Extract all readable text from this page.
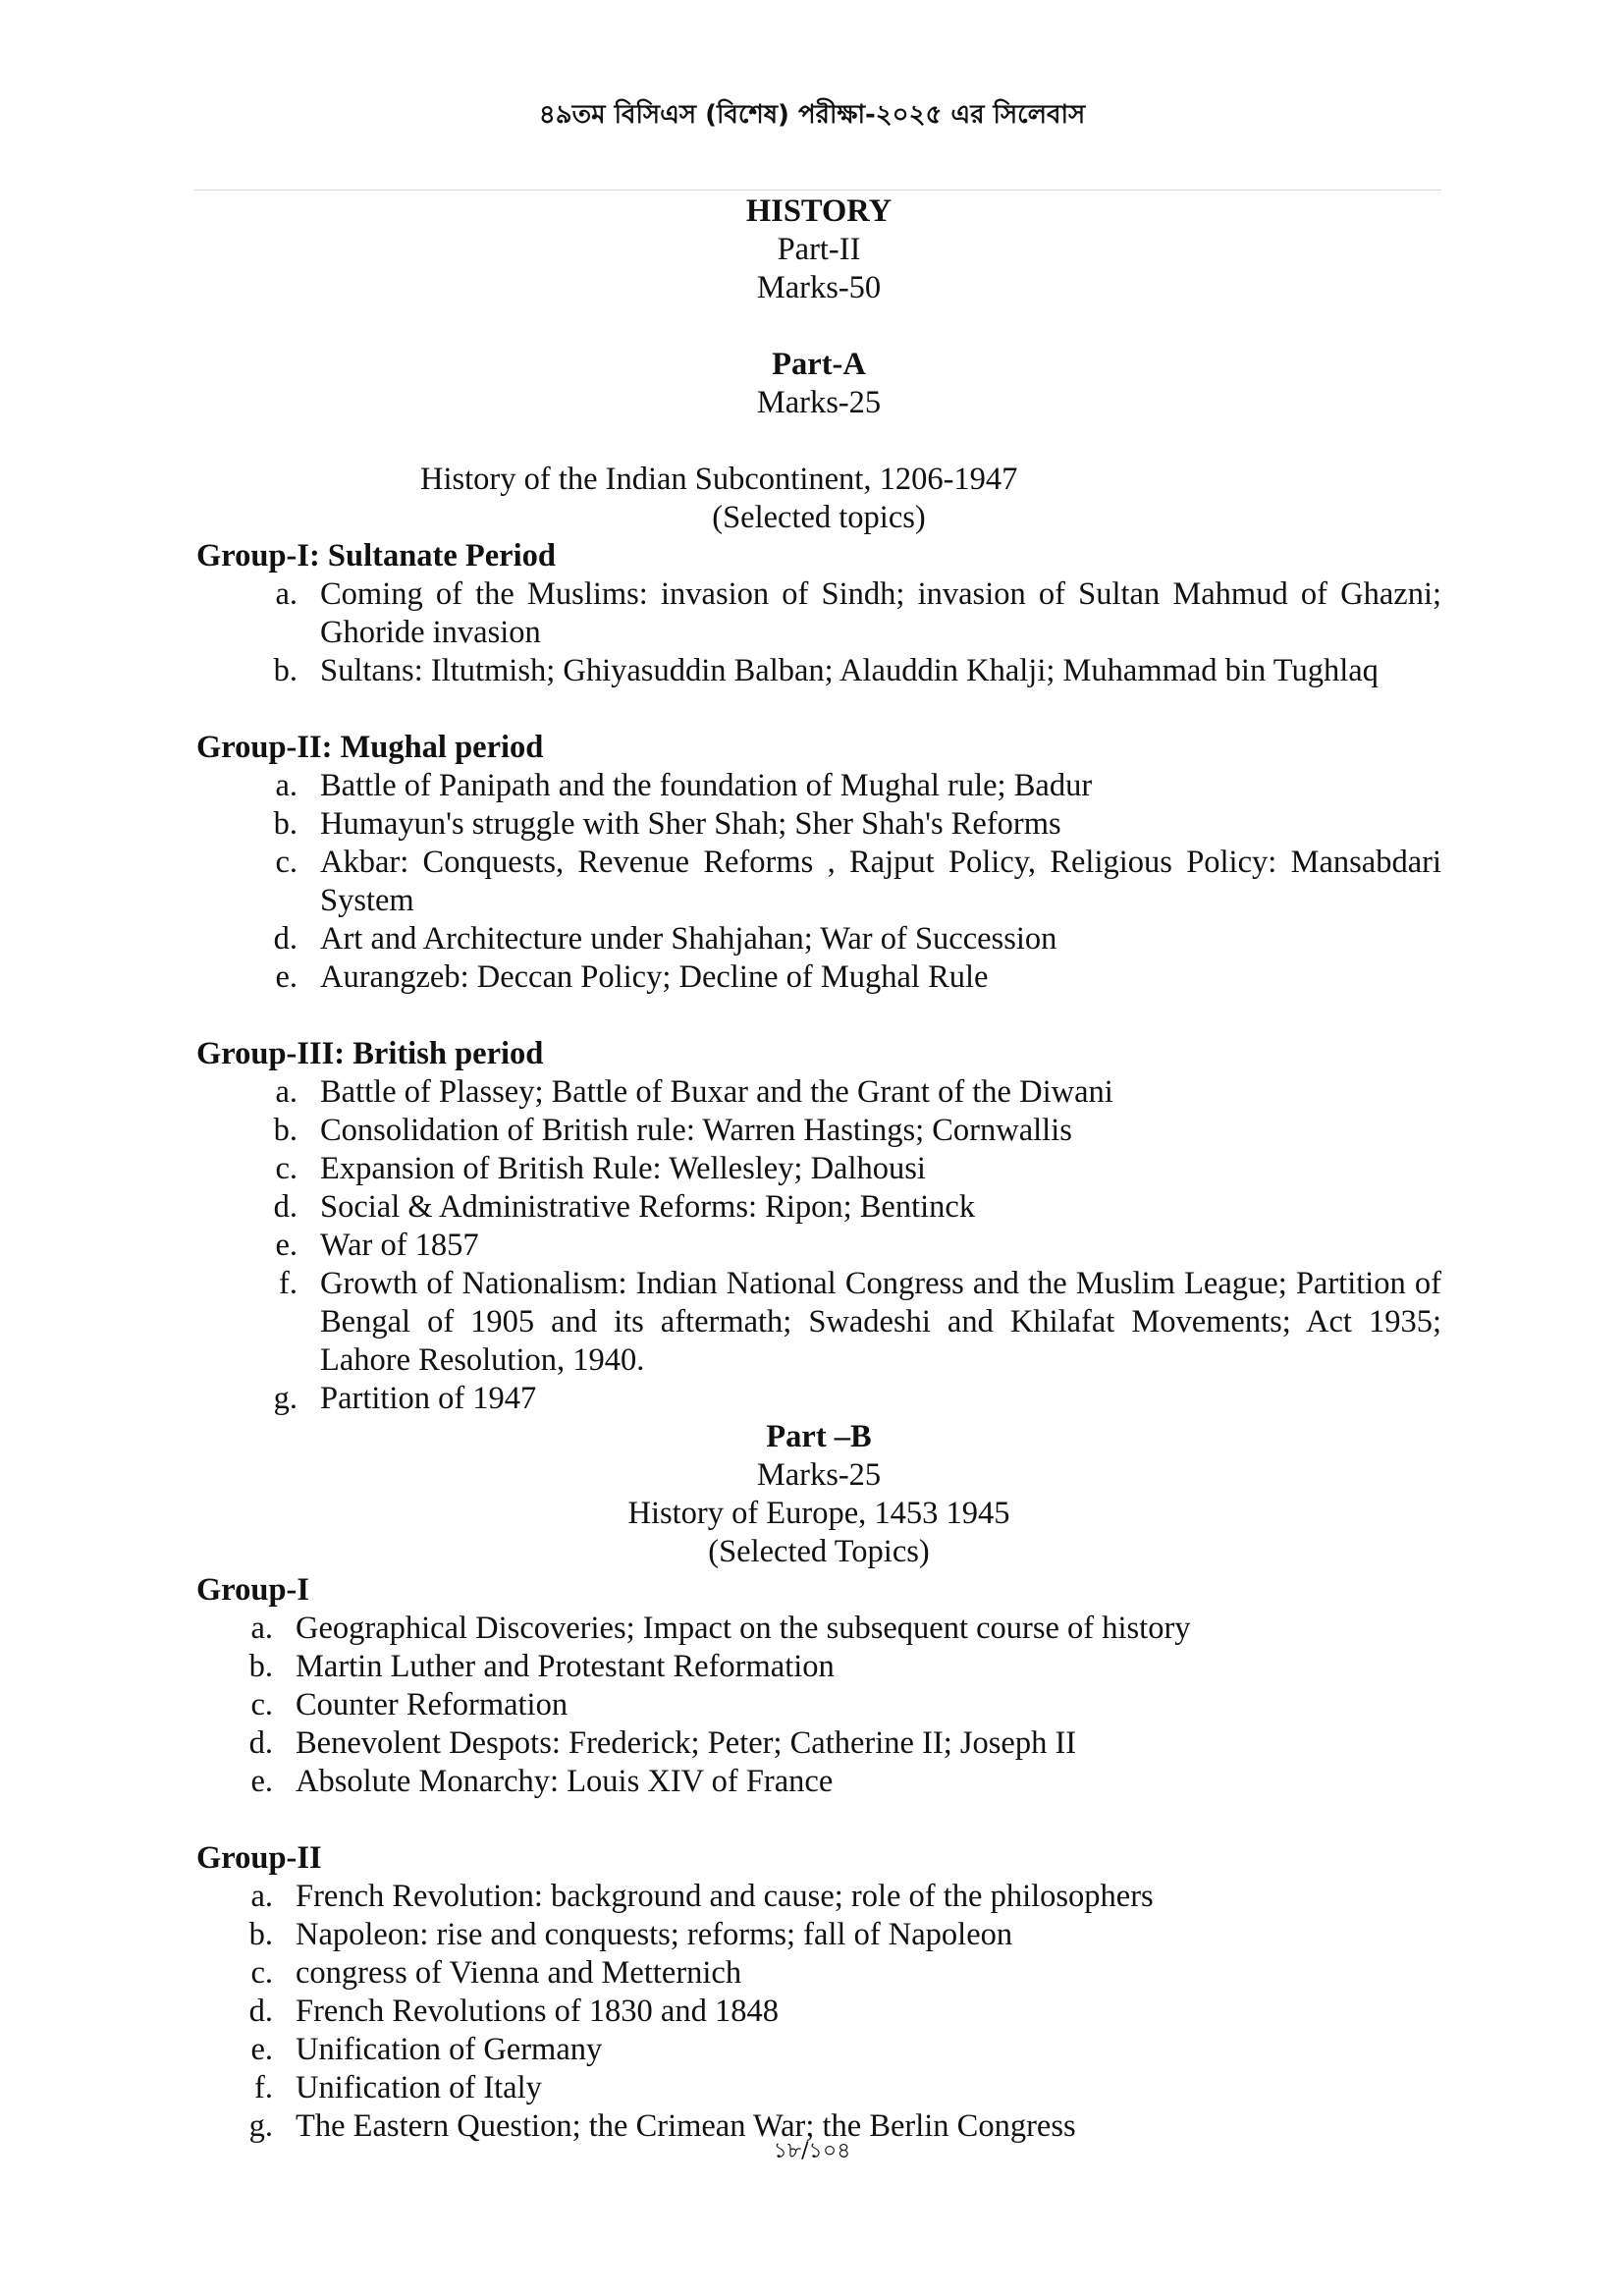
৪৯তম বিসিএস (বিশেষ) পরীক্ষা-২০২৫ এর সিলেবাস
HISTORY
Part-II
Marks-50
Part-A
Marks-25
History of the Indian Subcontinent, 1206-1947
(Selected topics)
Group-I: Sultanate Period
a. Coming of the Muslims: invasion of Sindh; invasion of Sultan Mahmud of Ghazni; Ghoride invasion
b. Sultans: Iltutmish; Ghiyasuddin Balban; Alauddin Khalji; Muhammad bin Tughlaq
Group-II: Mughal period
a. Battle of Panipath and the foundation of Mughal rule; Badur
b. Humayun's struggle with Sher Shah; Sher Shah's Reforms
c. Akbar: Conquests, Revenue Reforms , Rajput Policy, Religious Policy: Mansabdari System
d. Art and Architecture under Shahjahan; War of Succession
e. Aurangzeb: Deccan Policy; Decline of Mughal Rule
Group-III: British period
a. Battle of Plassey; Battle of Buxar and the Grant of the Diwani
b. Consolidation of British rule: Warren Hastings; Cornwallis
c. Expansion of British Rule: Wellesley; Dalhousi
d. Social & Administrative Reforms: Ripon; Bentinck
e. War of 1857
f. Growth of Nationalism: Indian National Congress and the Muslim League; Partition of Bengal of 1905 and its aftermath; Swadeshi and Khilafat Movements; Act 1935; Lahore Resolution, 1940.
g. Partition of 1947
Part –B
Marks-25
History of Europe, 1453 1945
(Selected Topics)
Group-I
a. Geographical Discoveries; Impact on the subsequent course of history
b. Martin Luther and Protestant Reformation
c. Counter Reformation
d. Benevolent Despots: Frederick; Peter; Catherine II; Joseph II
e. Absolute Monarchy: Louis XIV of France
Group-II
a. French Revolution: background and cause; role of the philosophers
b. Napoleon: rise and conquests; reforms; fall of Napoleon
c. congress of Vienna and Metternich
d. French Revolutions of 1830 and 1848
e. Unification of Germany
f. Unification of Italy
g. The Eastern Question; the Crimean War; the Berlin Congress
১৮/১০৪
